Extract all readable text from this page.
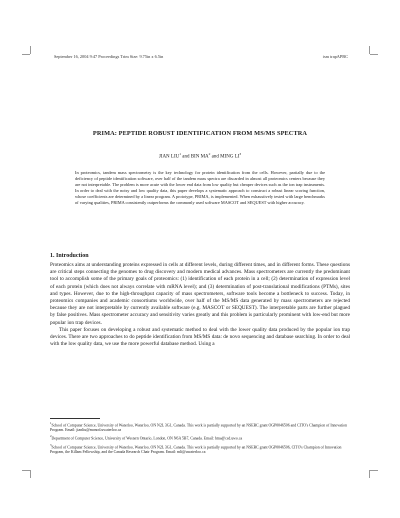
September 16, 2004 9:47 Proceedings Trim Size: 9.75in x 6.5in	ism trapAPBC
PRIMA: PEPTIDE ROBUST IDENTIFICATION FROM MS/MS SPECTRA
JIAN LIU$^1$ and BIN $MA^2$ and MING $LI^3$
In proteomics, tandem mass spectrometry is the key technology for protein identification from the cells. However, partially due to the deficiency of peptide identification software, over half of the tandem mass spectra are discarded in almost all proteomics centers because they are not interpretable. The problem is more acute with the lower end data from low quality but cheaper devices such as the ion trap instruments. In order to deal with the noisy and low quality data, this paper develops a systematic approach to construct a robust linear scoring function, whose coefficients are determined by a linear program. A prototype, PRIMA, is implemented. When exhaustively tested with large benchmarks of varying qualities, PRIMA consistently outperforms the commonly used software MASCOT and SEQUEST with higher accuracy.
1. Introduction

Proteomics aims at understanding proteins expressed in cells at different levels, during different times, and in different forms. These questions are critical steps connecting the genomes to drug discovery and modern medical advances. Mass spectrometers are currently the predominant tool to accomplish some of the primary goals of proteomics: (1) identification of each protein in a cell; (2) determination of expression level of each protein (which does not always correlate with mRNA level); and (3) determination of post-translational modifications (PTMs), sites and types. However, due to the high-throughput capacity of mass spectrometers, software tools become a bottleneck to success. Today, in proteomics companies and academic consortiums worldwide, over half of the MS/MS data generated by mass spectrometers are rejected because they are not interpretable by currently available software (e.g. MASCOT or SEQUEST). The interpretable parts are further plagued by false positives. Mass spectrometer accuracy and sensitivity varies greatly and this problem is particularly prominent with low-end but more popular ion trap devices.

This paper focuses on developing a robust and systematic method to deal with the lower quality data produced by the popular ion trap devices. There are two approaches to do peptide identification from MS/MS data: de novo sequencing and database searching. In order to deal with the low quality data, we use the more powerful database method. Using a

$^1$School of Computer Science, University of Waterloo, Waterloo, ON N2L 3G1, Canada. This work is partially supported by an NSERC grant OGP0046506 and CITO's Champion of Innovation Program. Email: jianliu@monod.uwaterloo.ca

$^2$Department of Computer Science, University of Western Ontario, London, ON N6A 5B7, Canada. Email: bma@csd.uwo.ca

$^3$School of Computer Science, University of Waterloo, Waterloo, ON N2L 3G1, Canada. This work is partially supported by an NSERC grant OGP0046506, CITO's Champion of Innovation Program, the Killam Fellowship, and the Canada Research Chair Program. Email: mli@uwaterloo.ca
